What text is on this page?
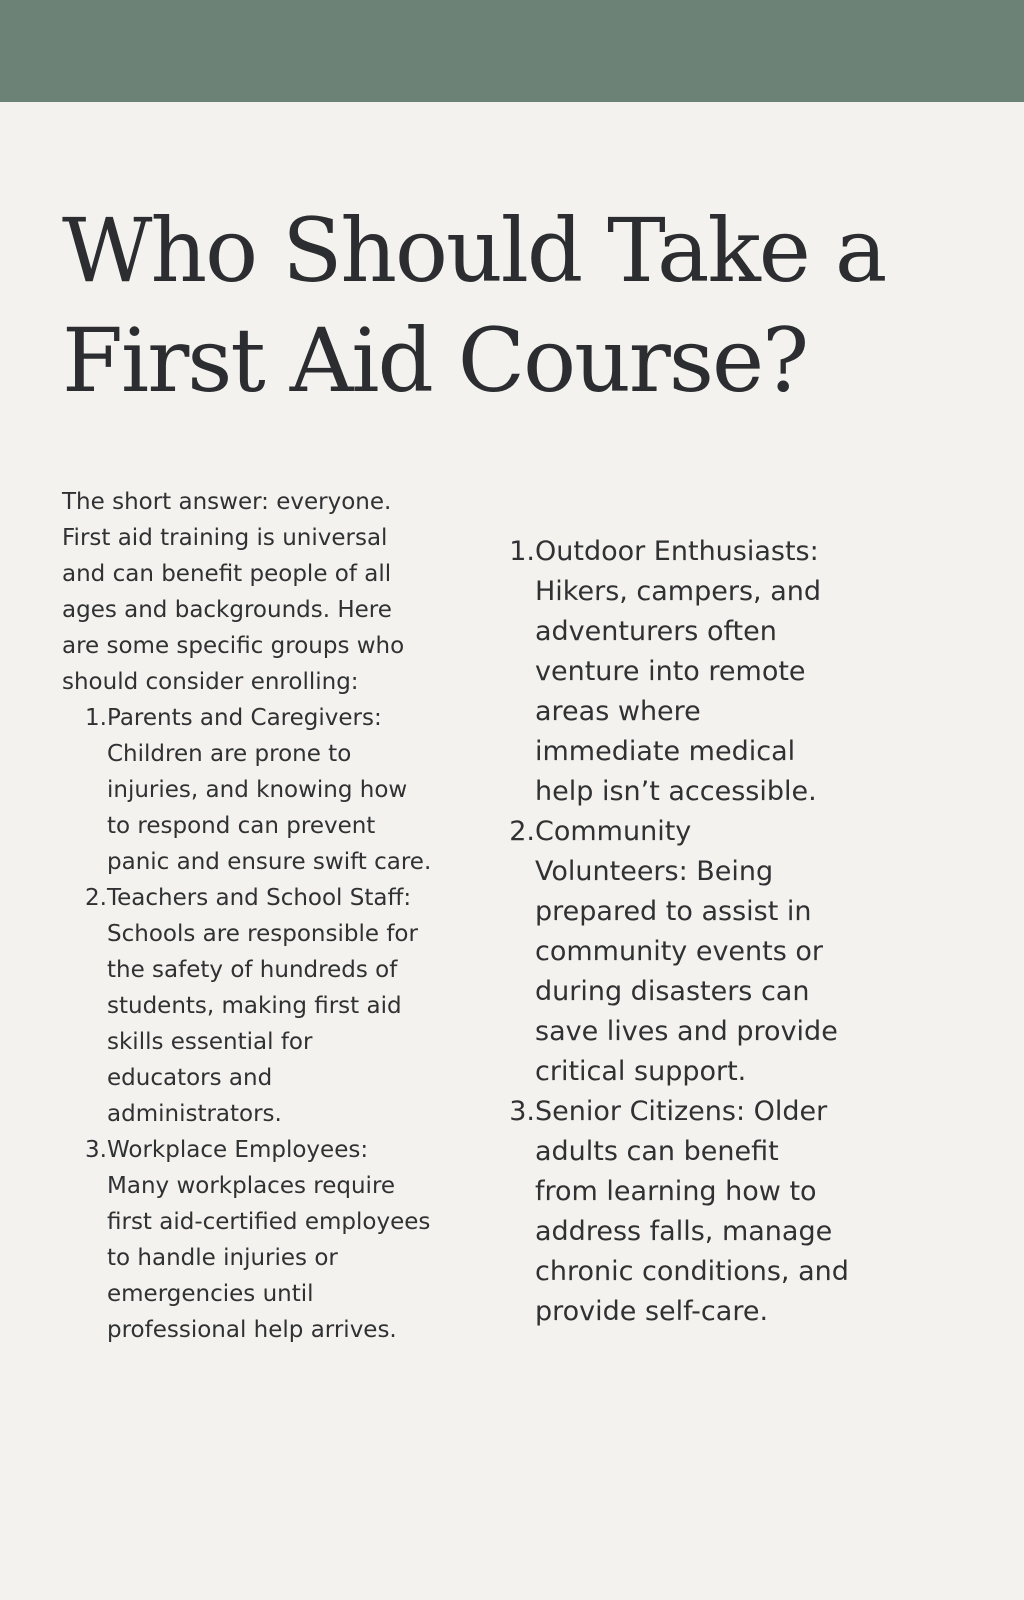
Who Should Take a First Aid Course?

The short answer: everyone. First aid training is universal and can benefit people of all ages and backgrounds. Here are some specific groups who should consider enrolling:

1. Parents and Caregivers: Children are prone to injuries, and knowing how to respond can prevent panic and ensure swift care.
2. Teachers and School Staff: Schools are responsible for the safety of hundreds of students, making first aid skills essential for educators and administrators.
3. Workplace Employees: Many workplaces require first aid-certified employees to handle injuries or emergencies until professional help arrives.
1. Outdoor Enthusiasts: Hikers, campers, and adventurers often venture into remote areas where immediate medical help isn’t accessible.
2. Community Volunteers: Being prepared to assist in community events or during disasters can save lives and provide critical support.
3. Senior Citizens: Older adults can benefit from learning how to address falls, manage chronic conditions, and provide self-care.
